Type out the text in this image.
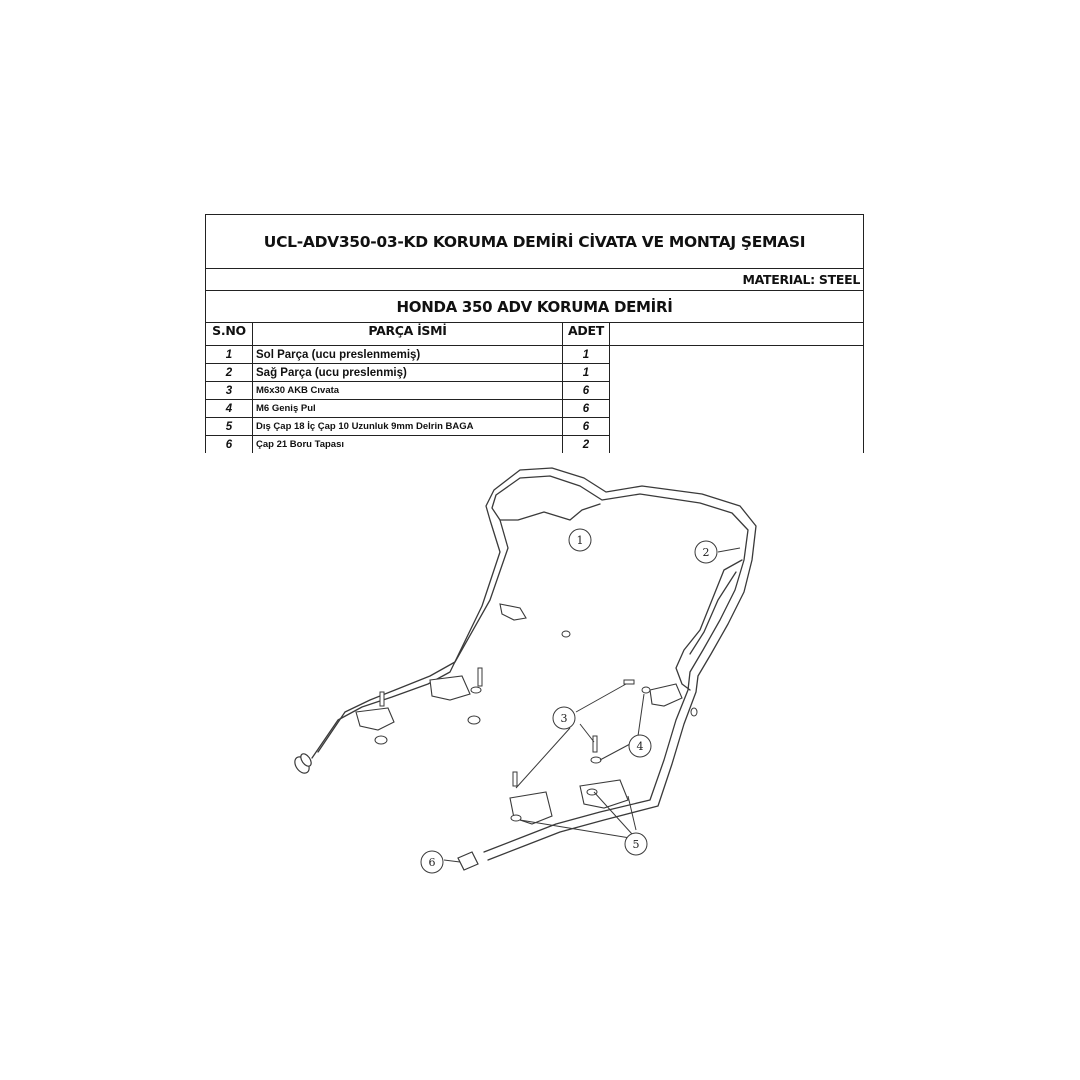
UCL-ADV350-03-KD KORUMA DEMİRİ CİVATA VE MONTAJ ŞEMASI			
MATERIAL: STEEL			
HONDA 350 ADV KORUMA DEMİRİ			
S.NO	PARÇA İSMİ	ADET	
1	Sol Parça (ucu preslenmemiş)	1	
2	Sağ Parça (ucu preslenmiş)	1	
3	M6x30 AKB Cıvata	6	
4	M6 Geniş Pul	6	
5	Dış Çap 18 İç Çap 10 Uzunluk 9mm Delrin BAGA	6	
6	Çap 21 Boru Tapası	2	
1
2
3
4
5
6
